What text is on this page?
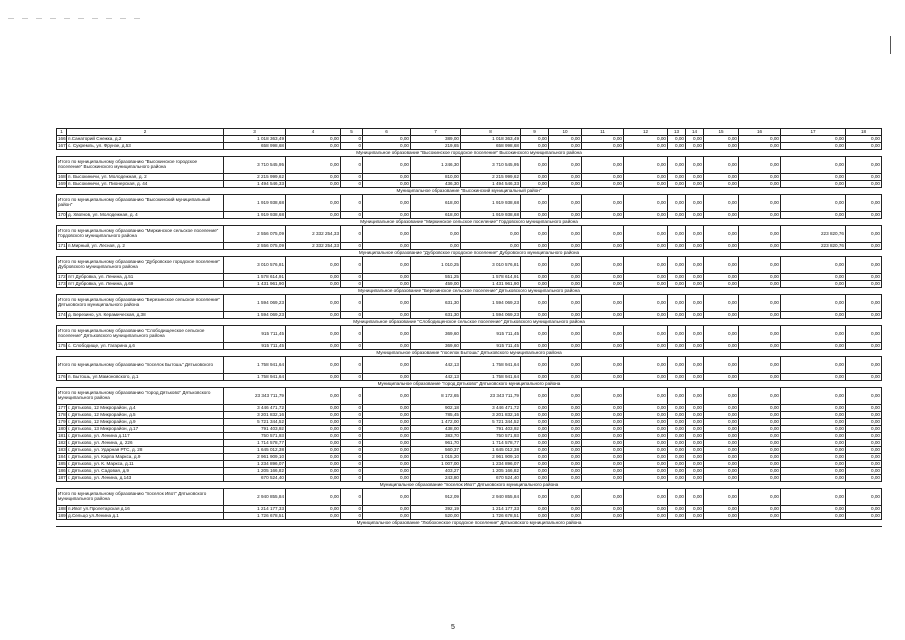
1	2	3	4	5	6	7	8	9	10	11	12	13	14	15	16	17	18
166	п.Санаторий Снежка, д.2	1 018 363,49	0,00	0	0,00	389,00	1 018 363,49	0,00	0,00	0,00	0,00	0,00	0,00	0,00	0,00	0,00	0,00
167	с. Сукремль, ул. Фрунзе, д.53	658 998,68	0,00	0	0,00	219,65	658 998,68	0,00	0,00	0,00	0,00	0,00	0,00	0,00	0,00	0,00	0,00
Муниципальное образование "Высокинское городское поселение" Высокинского муниципального района																	
Итого по муниципальному образованию "Высокинское городское поселение" Высокинского муниципального района		3 710 545,95	0,00	0	0,00	1 246,30	3 710 545,95	0,00	0,00	0,00	0,00	0,00	0,00	0,00	0,00	0,00	0,00
168	п. Высокиничи, ул. Молодежная, д. 2	2 215 999,62	0,00	0	0,00	810,00	2 215 999,62	0,00	0,00	0,00	0,00	0,00	0,00	0,00	0,00	0,00	0,00
169	п. Высокиничи, ул. Пионерская, д. 44	1 494 546,33	0,00	0	0,00	436,30	1 494 546,33	0,00	0,00	0,00	0,00	0,00	0,00	0,00	0,00	0,00	0,00
Муниципальное образование "Высокинский муниципальный район"																	
Итого по муниципальному образованию "Высокинский муниципальный район"		1 919 938,68	0,00	0	0,00	618,00	1 919 938,68	0,00	0,00	0,00	0,00	0,00	0,00	0,00	0,00	0,00	0,00
170	д. Хвоїнов, ул. Молодежная, д. 4	1 919 938,68	0,00	0	0,00	618,00	1 919 938,68	0,00	0,00	0,00	0,00	0,00	0,00	0,00	0,00	0,00	0,00
Муниципальное образование "Миркинское сельское поселение" Гордовского муниципального района																	
Итого по муниципальному образованию "Миркинское сельское поселение" Гордовского муниципального района		2 556 075,09	2 332 254,33	0	0,00	0,00	0,00	0,00	0,00	0,00	0,00	0,00	0,00	0,00	0,00	223 820,76	0,00
171	п.Мирный, ул. Лесная, д. 2	2 556 075,09	2 332 254,33	0	0,00	0,00	0,00	0,00	0,00	0,00	0,00	0,00	0,00	0,00	0,00	223 820,76	0,00
Муниципальное образование "Дубровское городское поселение" Дубровского муниципального района																	
Итого по муниципальному образованию "Дубровское городское поселение" Дубровского муниципального района		3 010 576,81	0,00	0	0,00	1 010,25	3 010 576,81	0,00	0,00	0,00	0,00	0,00	0,00	0,00	0,00	0,00	0,00
172	пгт Дубровка, ул. Ленина, д.51	1 578 614,91	0,00	0	0,00	551,25	1 578 614,91	0,00	0,00	0,00	0,00	0,00	0,00	0,00	0,00	0,00	0,00
173	пгт Дубровка, ул. Ленина, д.69	1 431 961,90	0,00	0	0,00	459,00	1 431 961,90	0,00	0,00	0,00	0,00	0,00	0,00	0,00	0,00	0,00	0,00
Муниципальное образование "Березинское сельское поселение" Дятьковского муниципального района																	
Итого по муниципальному образованию "Березинское сельское поселение" Дятьковского муниципального района		1 594 069,23	0,00	0	0,00	631,30	1 594 069,23	0,00	0,00	0,00	0,00	0,00	0,00	0,00	0,00	0,00	0,00
174	д. Березино, ул. Керамическая, д.38	1 594 069,23	0,00	0	0,00	631,30	1 594 069,23	0,00	0,00	0,00	0,00	0,00	0,00	0,00	0,00	0,00	0,00
Муниципальное образование "Слободищенское сельское поселение" Дятьковского муниципального района																	
Итого по муниципальному образованию "Слободищенское сельское поселение" Дятьковского муниципального района		915 711,45	0,00	0	0,00	369,60	915 711,45	0,00	0,00	0,00	0,00	0,00	0,00	0,00	0,00	0,00	0,00
175	с. Слободище, ул. Гагарина д.6	915 711,45	0,00	0	0,00	369,60	915 711,45	0,00	0,00	0,00	0,00	0,00	0,00	0,00	0,00	0,00	0,00
Муниципальное образование "поселок Бытошь" Дятьковского муниципального района																	
Итого по муниципальному образованию "поселок Бытошь" Дятьковского		1 758 941,64	0,00	0	0,00	442,13	1 758 941,64	0,00	0,00	0,00	0,00	0,00	0,00	0,00	0,00	0,00	0,00
176	п. Бытошь, ул.Мамоновского, д.1	1 758 941,64	0,00	0	0,00	442,13	1 758 941,64	0,00	0,00	0,00	0,00	0,00	0,00	0,00	0,00	0,00	0,00
Муниципальное образование "город Дятьково" Дятьковского муниципального района																	
Итого по муниципальному образованию "город Дятьково" Дятьковского муниципального района		23 343 711,79	0,00	0	0,00	8 172,65	23 343 711,79	0,00	0,00	0,00	0,00	0,00	0,00	0,00	0,00	0,00	0,00
177	г. Дятьково, 12 Микрорайон, д.4	3 446 471,72	0,00	0	0,00	902,18	3 446 471,72	0,00	0,00	0,00	0,00	0,00	0,00	0,00	0,00	0,00	0,00
178	г. Дятьково, 12 Микрорайон, д.5	3 201 832,16	0,00	0	0,00	785,45	3 201 832,16	0,00	0,00	0,00	0,00	0,00	0,00	0,00	0,00	0,00	0,00
179	г. Дятьково, 12 Микрорайон, д.9	5 721 344,52	0,00	0	0,00	1 472,00	5 721 344,52	0,00	0,00	0,00	0,00	0,00	0,00	0,00	0,00	0,00	0,00
180	г. Дятьково, 13 Микрорайон, д.17	791 403,92	0,00	0	0,00	438,00	791 403,92	0,00	0,00	0,00	0,00	0,00	0,00	0,00	0,00	0,00	0,00
181	г. Дятьково, ул. Ленина д.117	750 571,93	0,00	0	0,00	383,70	750 571,93	0,00	0,00	0,00	0,00	0,00	0,00	0,00	0,00	0,00	0,00
182	г. Дятьково, ул. Ленина, д. 226	1 714 578,77	0,00	0	0,00	961,70	1 714 578,77	0,00	0,00	0,00	0,00	0,00	0,00	0,00	0,00	0,00	0,00
183	г. Дятьково, ул. Ударная РТС, д. 28	1 645 012,38	0,00	0	0,00	560,37	1 645 012,38	0,00	0,00	0,00	0,00	0,00	0,00	0,00	0,00	0,00	0,00
184	г. Дятьково, ул. Карла Маркса, д.9	2 961 909,10	0,00	0	0,00	1 015,20	2 961 909,10	0,00	0,00	0,00	0,00	0,00	0,00	0,00	0,00	0,00	0,00
185	г. Дятьково, ул. К. Маркса, д.11	1 234 896,07	0,00	0	0,00	1 007,00	1 234 896,07	0,00	0,00	0,00	0,00	0,00	0,00	0,00	0,00	0,00	0,00
186	г. Дятьково, ул. Садовая, д.9	1 205 166,82	0,00	0	0,00	403,27	1 205 166,82	0,00	0,00	0,00	0,00	0,00	0,00	0,00	0,00	0,00	0,00
187	г. Дятьково, ул. Ленина, д.143	670 524,40	0,00	0	0,00	243,80	670 524,40	0,00	0,00	0,00	0,00	0,00	0,00	0,00	0,00	0,00	0,00
Муниципальное образование "поселок Ивот" Дятьковского муниципального района																	
Итого по муниципальному образованию "поселок Ивот" Дятьковского муниципального района		2 940 855,84	0,00	0	0,00	912,09	2 940 855,84	0,00	0,00	0,00	0,00	0,00	0,00	0,00	0,00	0,00	0,00
188	п.Ивот ул.Пролетарская д.16	1 214 177,33	0,00	0	0,00	392,19	1 214 177,33	0,00	0,00	0,00	0,00	0,00	0,00	0,00	0,00	0,00	0,00
189	д.Сельцо ул.Ленина д.1	1 726 678,51	0,00	0	0,00	520,00	1 726 678,51	0,00	0,00	0,00	0,00	0,00	0,00	0,00	0,00	0,00	0,00
Муниципальное образование "Любохонское городское поселение" Дятьковского муниципального района																	
5
